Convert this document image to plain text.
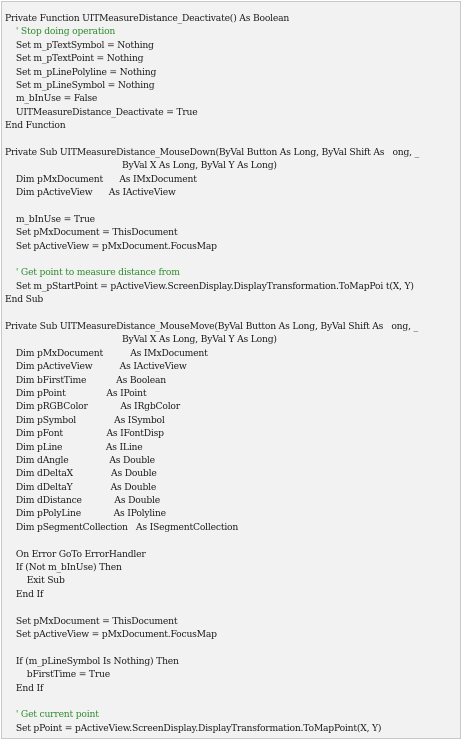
Private Function UITMeasureDistance_Deactivate() As Boolean
' Stop doing operation
Set m_pTextSymbol = Nothing
Set m_pTextPoint = Nothing
Set m_pLinePolyline = Nothing
Set m_pLineSymbol = Nothing
m_bInUse = False
UITMeasureDistance_Deactivate = True
End Function
Private Sub UITMeasureDistance_MouseDown(ByVal Button As Long, ByVal Shift As   ong, _
ByVal X As Long, ByVal Y As Long)
Dim pMxDocument      As IMxDocument
Dim pActiveView      As IActiveView
m_bInUse = True
Set pMxDocument = ThisDocument
Set pActiveView = pMxDocument.FocusMap
' Get point to measure distance from
Set m_pStartPoint = pActiveView.ScreenDisplay.DisplayTransformation.ToMapPoi t(X, Y)
End Sub
Private Sub UITMeasureDistance_MouseMove(ByVal Button As Long, ByVal Shift As   ong, _
ByVal X As Long, ByVal Y As Long)
Dim pMxDocument          As IMxDocument
Dim pActiveView          As IActiveView
Dim bFirstTime           As Boolean
Dim pPoint               As IPoint
Dim pRGBColor            As IRgbColor
Dim pSymbol              As ISymbol
Dim pFont                As IFontDisp
Dim pLine                As ILine
Dim dAngle               As Double
Dim dDeltaX              As Double
Dim dDeltaY              As Double
Dim dDistance            As Double
Dim pPolyLine            As IPolyline
Dim pSegmentCollection   As ISegmentCollection
On Error GoTo ErrorHandler
If (Not m_bInUse) Then
Exit Sub
End If
Set pMxDocument = ThisDocument
Set pActiveView = pMxDocument.FocusMap
If (m_pLineSymbol Is Nothing) Then
bFirstTime = True
End If
' Get current point
Set pPoint = pActiveView.ScreenDisplay.DisplayTransformation.ToMapPoint(X, Y)
